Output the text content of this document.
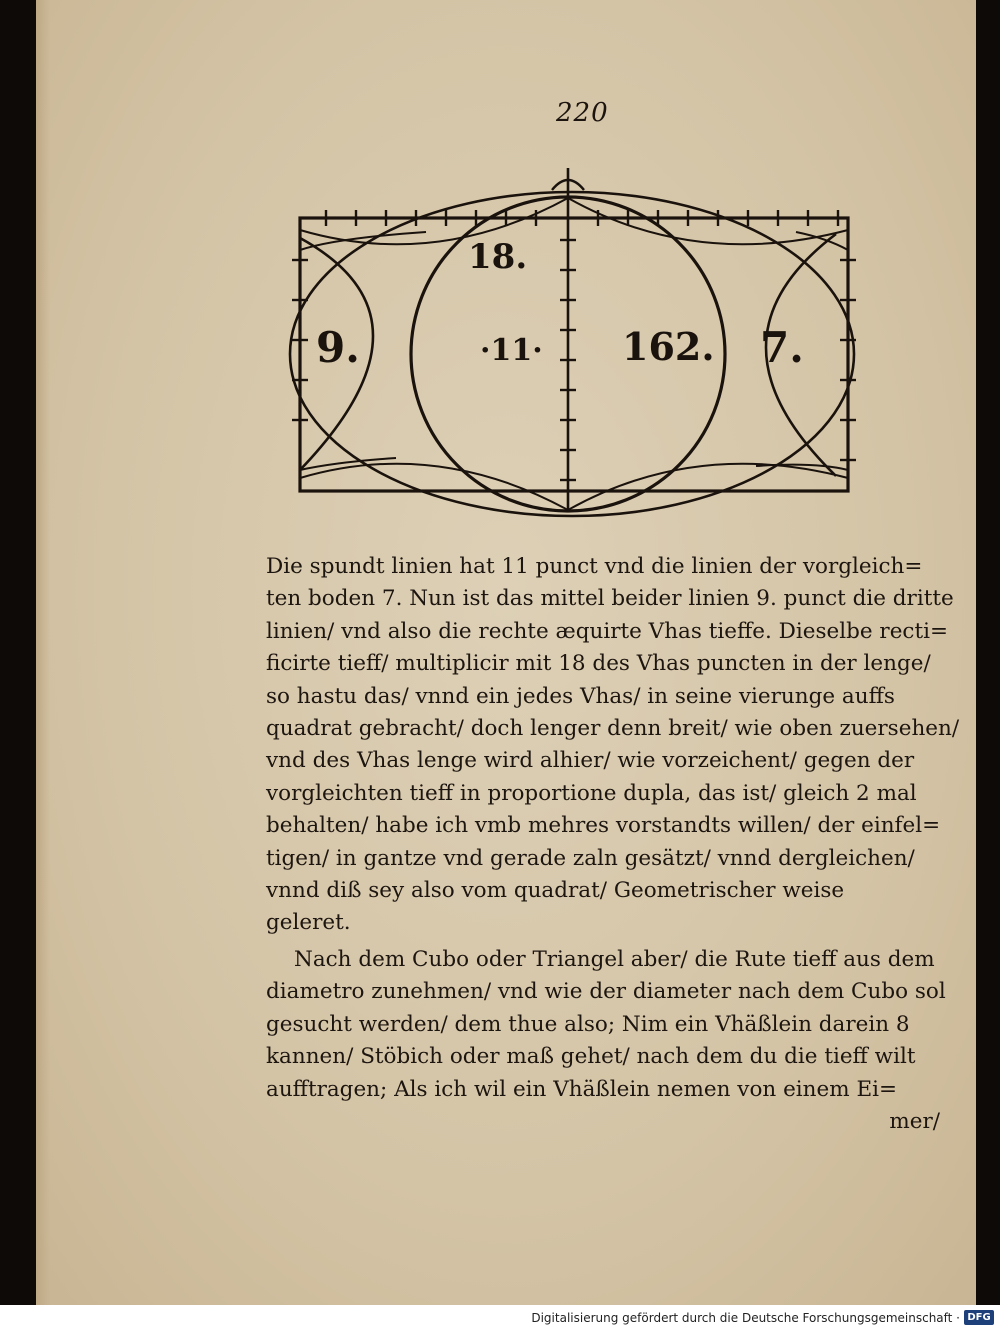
220
18.
9.	·11· 162. 7.
Die spundt linien hat 11 punct vnd die linien der vorgleich=
ten boden 7. Nun ist das mittel beider linien 9. punct die dritte
linien/ vnd also die rechte æquirte Vhas tieffe. Dieselbe recti=
ficirte tieff/ multiplicir mit 18 des Vhas puncten in der lenge/
so hastu das/ vnnd ein jedes Vhas/ in seine vierunge auffs
quadrat gebracht/ doch lenger denn breit/ wie oben zuersehen/
vnd des Vhas lenge wird alhier/ wie vorzeichent/ gegen der
vorgleichten tieff in proportione dupla, das ist/ gleich 2 mal
behalten/ habe ich vmb mehres vorstandts willen/ der einfel=
tigen/ in gantze vnd gerade zaln gesätzt/ vnnd dergleichen/
vnnd diß sey also vom quadrat/ Geometrischer weise
geleret.
Nach dem Cubo oder Triangel aber/ die Rute tieff aus dem
diametro zunehmen/ vnd wie der diameter nach dem Cubo sol
gesucht werden/ dem thue also; Nim ein Vhäßlein darein 8
kannen/ Stöbich oder maß gehet/ nach dem du die tieff wilt
aufftragen; Als ich wil ein Vhäßlein nemen von einem Ei=
mer/
Digitalisierung gefördert durch die Deutsche Forschungsgemeinschaft · DFG
